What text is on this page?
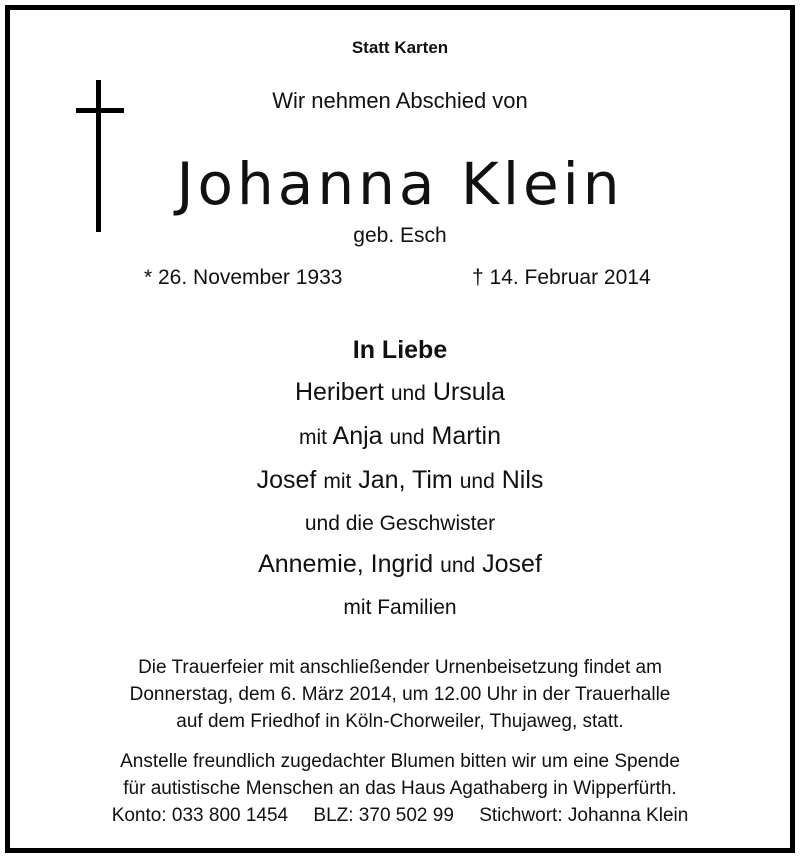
Statt Karten
Wir nehmen Abschied von
Johanna Klein
geb. Esch
* 26. November 1933	† 14. Februar 2014
In Liebe
Heribert und Ursula
mit Anja und Martin
Josef mit Jan, Tim und Nils
und die Geschwister
Annemie, Ingrid und Josef
mit Familien
Die Trauerfeier mit anschließender Urnenbeisetzung findet am
Donnerstag, dem 6. März 2014, um 12.00 Uhr in der Trauerhalle
auf dem Friedhof in Köln-Chorweiler, Thujaweg, statt.
Anstelle freundlich zugedachter Blumen bitten wir um eine Spende
für autistische Menschen an das Haus Agathaberg in Wipperfürth.
Konto: 033 800 1454 BLZ: 370 502 99 Stichwort: Johanna Klein
